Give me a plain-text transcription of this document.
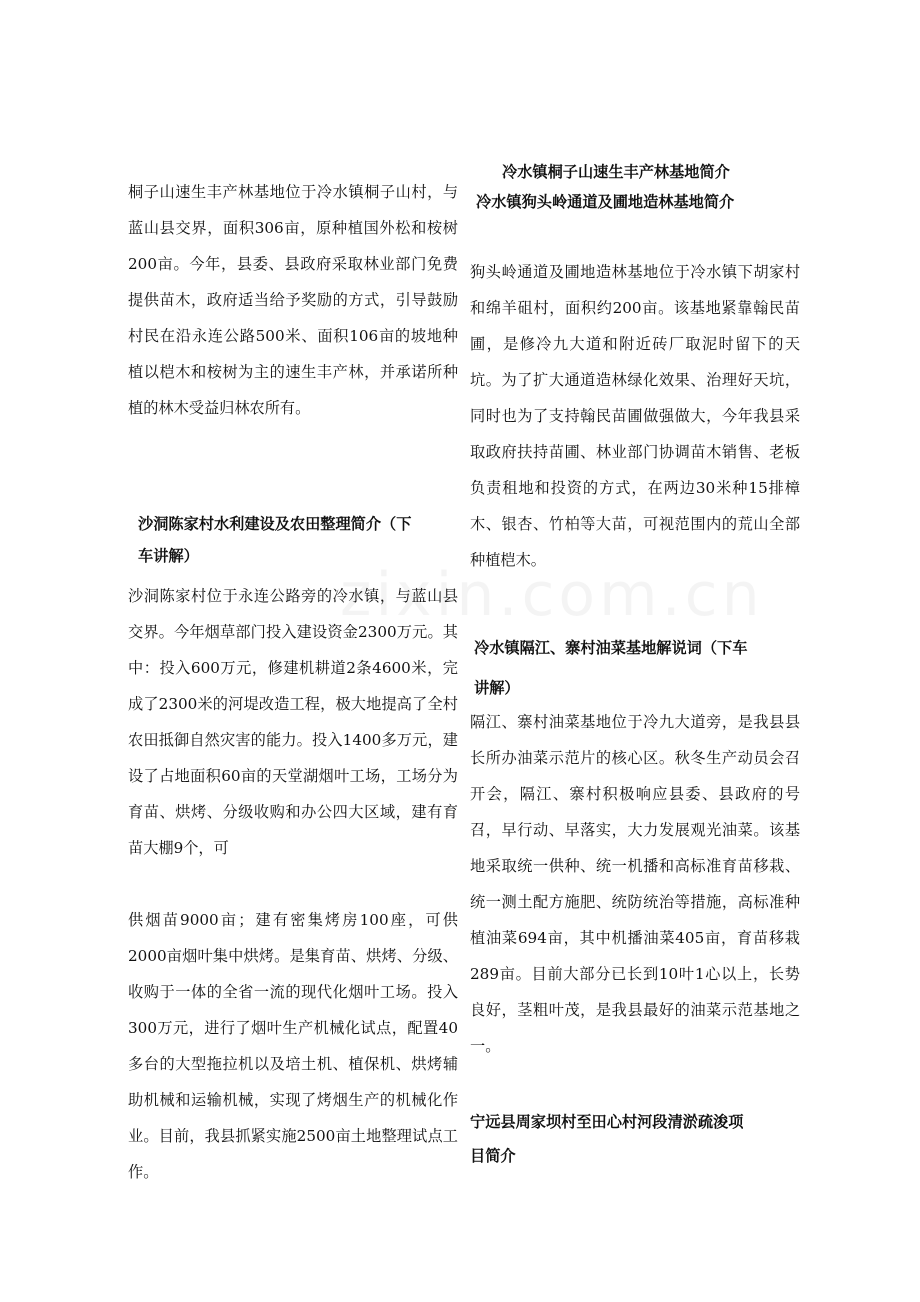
桐子山速生丰产林基地位于冷水镇桐子山村，与蓝山县交界，面积306亩，原种植国外松和桉树200亩。今年，县委、县政府采取林业部门免费提供苗木，政府适当给予奖励的方式，引导鼓励村民在沿永连公路500米、面积106亩的坡地种植以桤木和桉树为主的速生丰产林，并承诺所种植的林木受益归林农所有。

沙洞陈家村水利建设及农田整理简介（下

车讲解）

沙洞陈家村位于永连公路旁的冷水镇，与蓝山县交界。今年烟草部门投入建设资金2300万元。其中：投入600万元，修建机耕道2条4600米，完成了2300米的河堤改造工程，极大地提高了全村农田抵御自然灾害的能力。投入1400多万元，建设了占地面积60亩的天堂湖烟叶工场，工场分为育苗、烘烤、分级收购和办公四大区域，建有育苗大棚9个，可

供烟苗9000亩；建有密集烤房100座，可供2000亩烟叶集中烘烤。是集育苗、烘烤、分级、收购于一体的全省一流的现代化烟叶工场。投入300万元，进行了烟叶生产机械化试点，配置40多台的大型拖拉机以及培土机、植保机、烘烤辅助机械和运输机械，实现了烤烟生产的机械化作业。目前，我县抓紧实施2500亩土地整理试点工作。

冷水镇桐子山速生丰产林基地简介

冷水镇狗头岭通道及圃地造林基地简介

狗头岭通道及圃地造林基地位于冷水镇下胡家村和绵羊砠村，面积约200亩。该基地紧靠翰民苗圃，是修冷九大道和附近砖厂取泥时留下的天坑。为了扩大通道造林绿化效果、治理好天坑，同时也为了支持翰民苗圃做强做大，今年我县采取政府扶持苗圃、林业部门协调苗木销售、老板负责租地和投资的方式，在两边30米种15排樟木、银杏、竹柏等大苗，可视范围内的荒山全部种植桤木。

冷水镇隔江、寨村油菜基地解说词（下车

讲解）

隔江、寨村油菜基地位于冷九大道旁，是我县县长所办油菜示范片的核心区。秋冬生产动员会召开会，隔江、寨村积极响应县委、县政府的号召，早行动、早落实，大力发展观光油菜。该基地采取统一供种、统一机播和高标准育苗移栽、统一测土配方施肥、统防统治等措施，高标准种植油菜694亩，其中机播油菜405亩，育苗移栽289亩。目前大部分已长到10叶1心以上，长势良好，茎粗叶茂，是我县最好的油菜示范基地之一。

宁远县周家坝村至田心村河段清淤疏浚项

目简介
